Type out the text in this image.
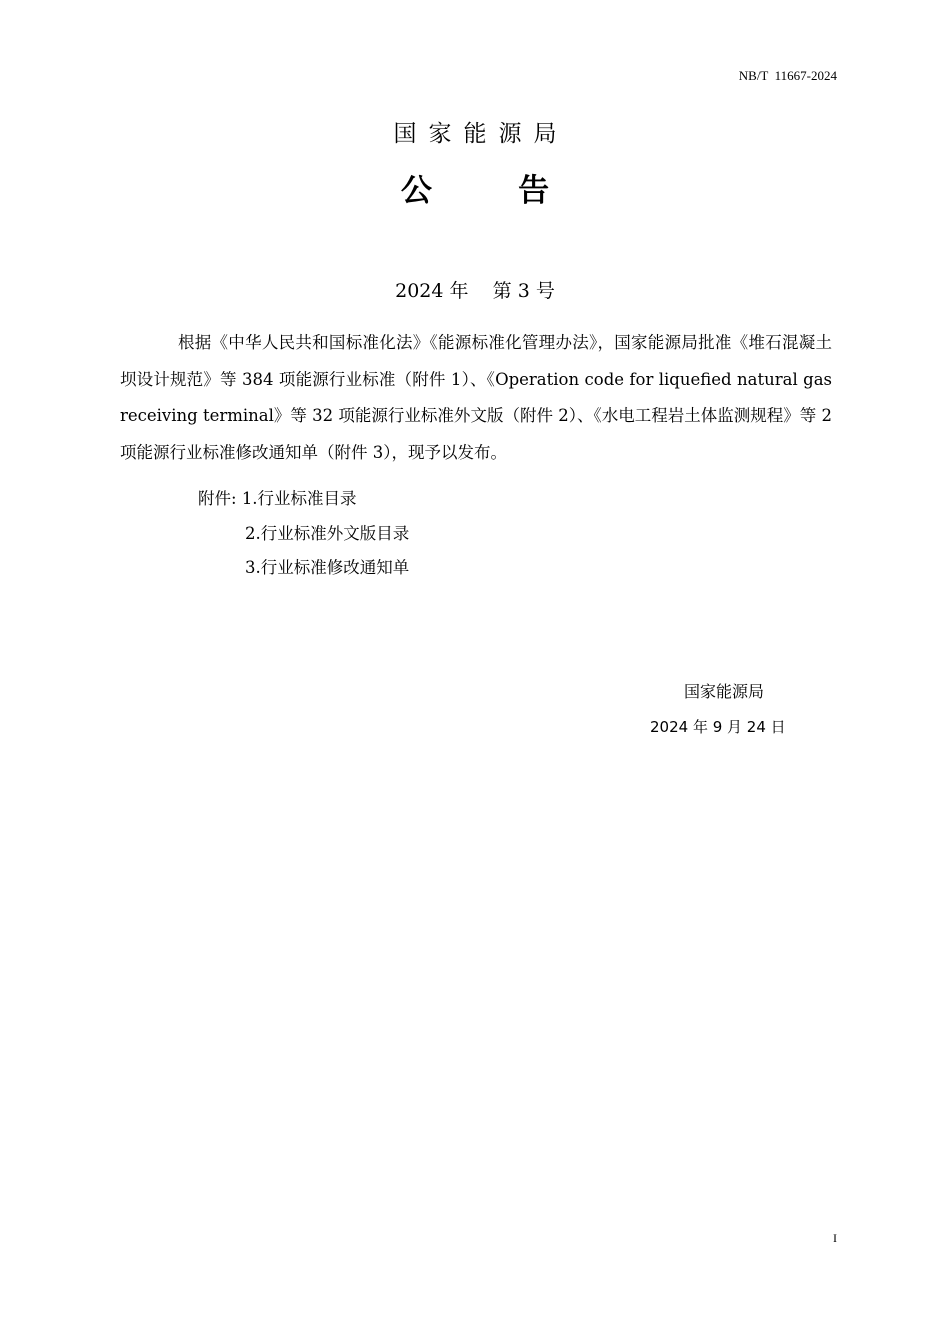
NB/T  11667-2024
国家能源局
公        告
2024 年    第 3 号
根据《中华人民共和国标准化法》《能源标准化管理办法》，国家能源局批准《堆石混凝土坝设计规范》等 384 项能源行业标准（附件 1）、《Operation code for liquefied natural gas receiving terminal》等 32 项能源行业标准外文版（附件 2）、《水电工程岩土体监测规程》等 2 项能源行业标准修改通知单（附件 3），现予以发布。
附件: 1.行业标准目录
2.行业标准外文版目录
3.行业标准修改通知单
国家能源局
2024 年 9 月 24 日
I
